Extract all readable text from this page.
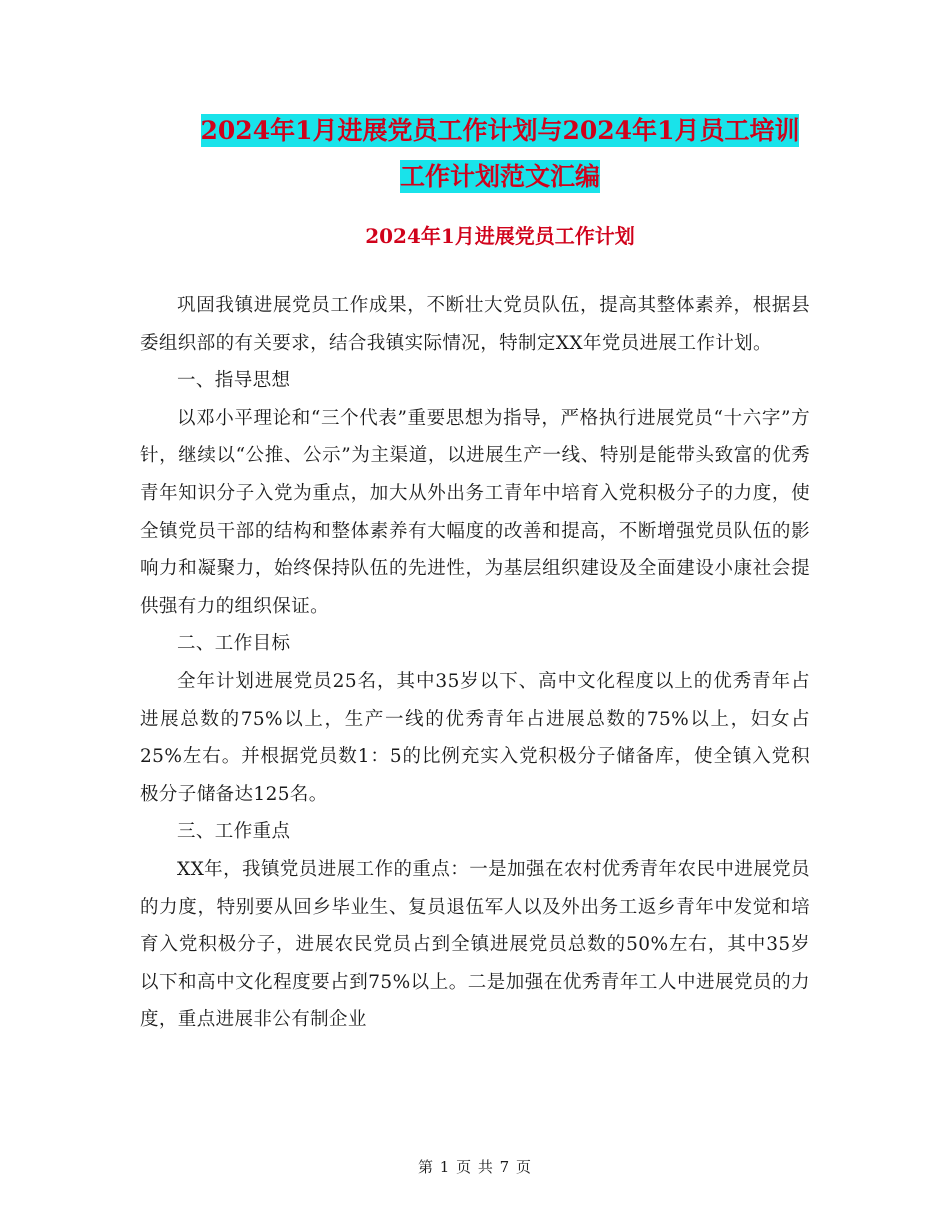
2024年1月进展党员工作计划与2024年1月员工培训
工作计划范文汇编
2024年1月进展党员工作计划

巩固我镇进展党员工作成果，不断壮大党员队伍，提高其整体素养，根据县委组织部的有关要求，结合我镇实际情况，特制定XX年党员进展工作计划。

一、指导思想

以邓小平理论和“三个代表”重要思想为指导，严格执行进展党员“十六字”方针，继续以“公推、公示”为主渠道，以进展生产一线、特别是能带头致富的优秀青年知识分子入党为重点，加大从外出务工青年中培育入党积极分子的力度，使全镇党员干部的结构和整体素养有大幅度的改善和提高，不断增强党员队伍的影响力和凝聚力，始终保持队伍的先进性，为基层组织建设及全面建设小康社会提供强有力的组织保证。

二、工作目标

全年计划进展党员25名，其中35岁以下、高中文化程度以上的优秀青年占进展总数的75%以上，生产一线的优秀青年占进展总数的75%以上，妇女占25%左右。并根据党员数1：5的比例充实入党积极分子储备库，使全镇入党积极分子储备达125名。

三、工作重点

XX年，我镇党员进展工作的重点：一是加强在农村优秀青年农民中进展党员的力度，特别要从回乡毕业生、复员退伍军人以及外出务工返乡青年中发觉和培育入党积极分子，进展农民党员占到全镇进展党员总数的50%左右，其中35岁以下和高中文化程度要占到75%以上。二是加强在优秀青年工人中进展党员的力度，重点进展非公有制企业

第 1 页 共 7 页
